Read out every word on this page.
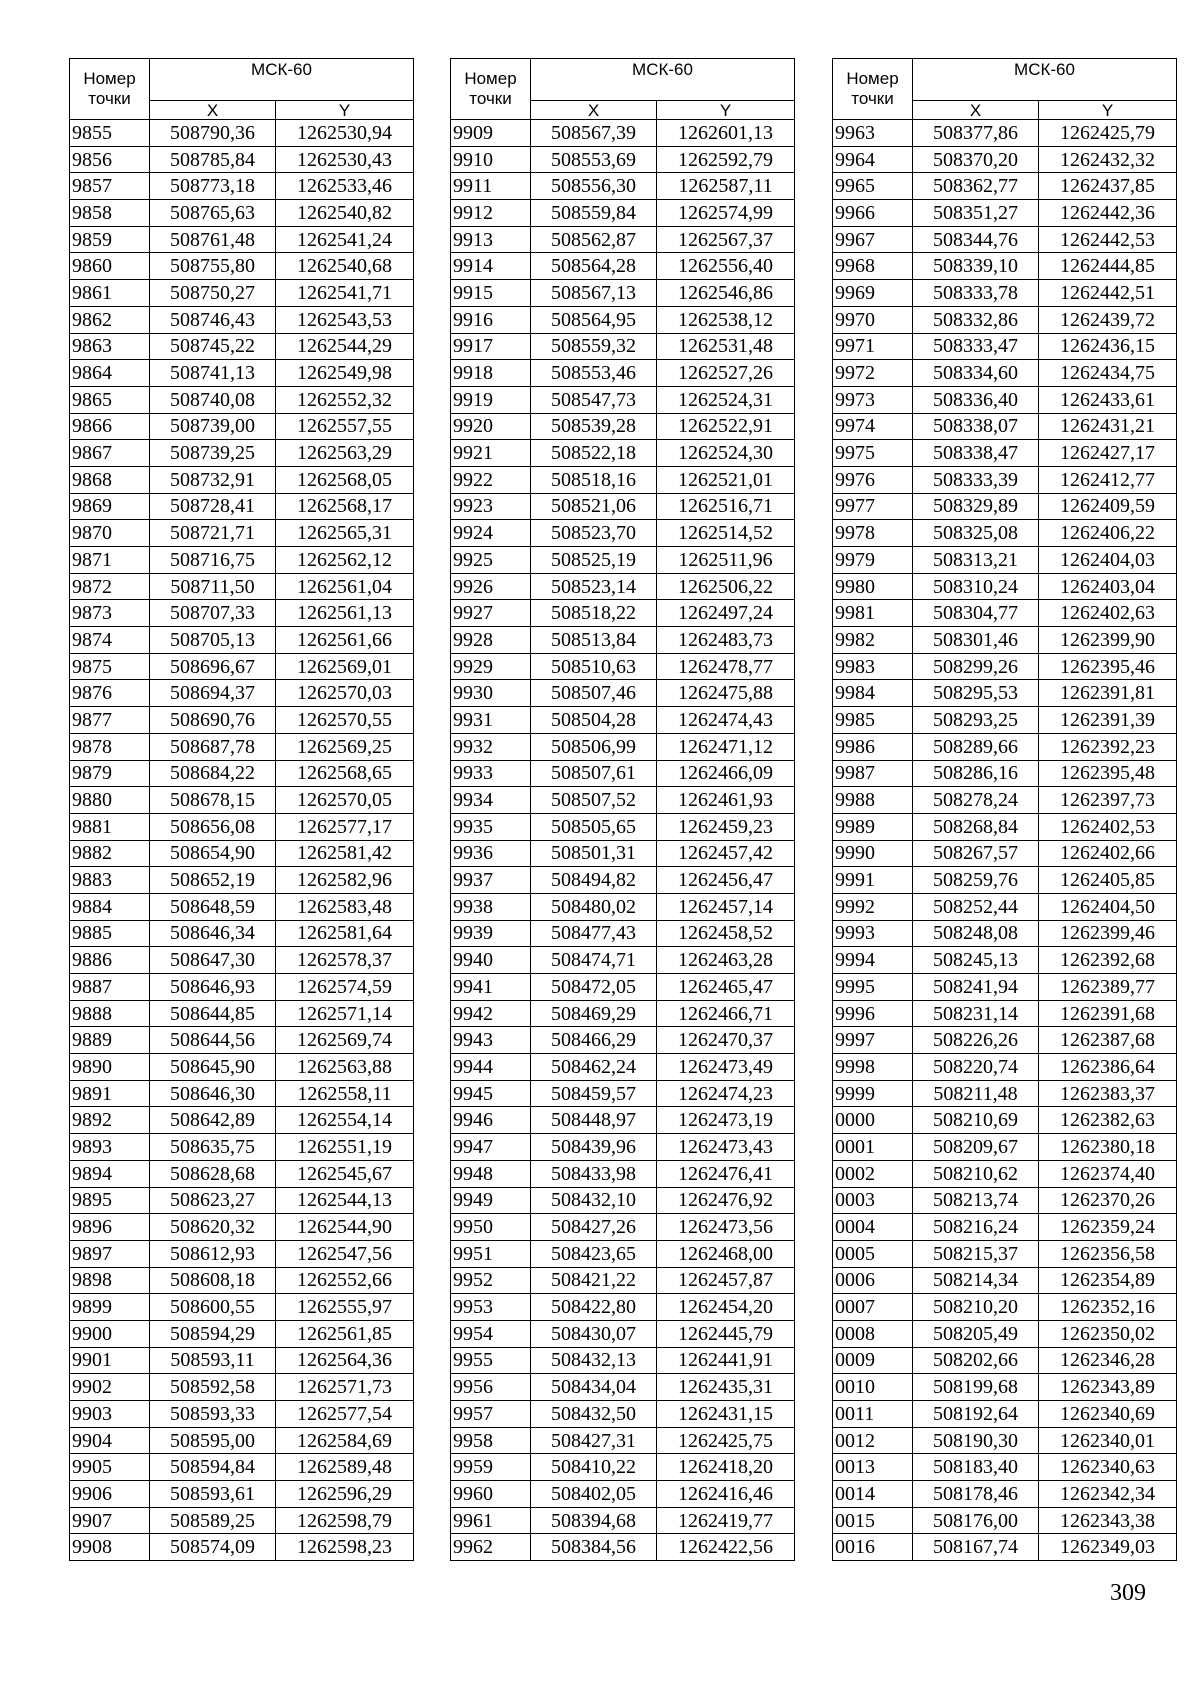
Номер точки	МСК-60	
	X	Y
9855	508790,36	1262530,94
9856	508785,84	1262530,43
9857	508773,18	1262533,46
9858	508765,63	1262540,82
9859	508761,48	1262541,24
9860	508755,80	1262540,68
9861	508750,27	1262541,71
9862	508746,43	1262543,53
9863	508745,22	1262544,29
9864	508741,13	1262549,98
9865	508740,08	1262552,32
9866	508739,00	1262557,55
9867	508739,25	1262563,29
9868	508732,91	1262568,05
9869	508728,41	1262568,17
9870	508721,71	1262565,31
9871	508716,75	1262562,12
9872	508711,50	1262561,04
9873	508707,33	1262561,13
9874	508705,13	1262561,66
9875	508696,67	1262569,01
9876	508694,37	1262570,03
9877	508690,76	1262570,55
9878	508687,78	1262569,25
9879	508684,22	1262568,65
9880	508678,15	1262570,05
9881	508656,08	1262577,17
9882	508654,90	1262581,42
9883	508652,19	1262582,96
9884	508648,59	1262583,48
9885	508646,34	1262581,64
9886	508647,30	1262578,37
9887	508646,93	1262574,59
9888	508644,85	1262571,14
9889	508644,56	1262569,74
9890	508645,90	1262563,88
9891	508646,30	1262558,11
9892	508642,89	1262554,14
9893	508635,75	1262551,19
9894	508628,68	1262545,67
9895	508623,27	1262544,13
9896	508620,32	1262544,90
9897	508612,93	1262547,56
9898	508608,18	1262552,66
9899	508600,55	1262555,97
9900	508594,29	1262561,85
9901	508593,11	1262564,36
9902	508592,58	1262571,73
9903	508593,33	1262577,54
9904	508595,00	1262584,69
9905	508594,84	1262589,48
9906	508593,61	1262596,29
9907	508589,25	1262598,79
9908	508574,09	1262598,23
Номер точки	МСК-60	
	X	Y
9909	508567,39	1262601,13
9910	508553,69	1262592,79
9911	508556,30	1262587,11
9912	508559,84	1262574,99
9913	508562,87	1262567,37
9914	508564,28	1262556,40
9915	508567,13	1262546,86
9916	508564,95	1262538,12
9917	508559,32	1262531,48
9918	508553,46	1262527,26
9919	508547,73	1262524,31
9920	508539,28	1262522,91
9921	508522,18	1262524,30
9922	508518,16	1262521,01
9923	508521,06	1262516,71
9924	508523,70	1262514,52
9925	508525,19	1262511,96
9926	508523,14	1262506,22
9927	508518,22	1262497,24
9928	508513,84	1262483,73
9929	508510,63	1262478,77
9930	508507,46	1262475,88
9931	508504,28	1262474,43
9932	508506,99	1262471,12
9933	508507,61	1262466,09
9934	508507,52	1262461,93
9935	508505,65	1262459,23
9936	508501,31	1262457,42
9937	508494,82	1262456,47
9938	508480,02	1262457,14
9939	508477,43	1262458,52
9940	508474,71	1262463,28
9941	508472,05	1262465,47
9942	508469,29	1262466,71
9943	508466,29	1262470,37
9944	508462,24	1262473,49
9945	508459,57	1262474,23
9946	508448,97	1262473,19
9947	508439,96	1262473,43
9948	508433,98	1262476,41
9949	508432,10	1262476,92
9950	508427,26	1262473,56
9951	508423,65	1262468,00
9952	508421,22	1262457,87
9953	508422,80	1262454,20
9954	508430,07	1262445,79
9955	508432,13	1262441,91
9956	508434,04	1262435,31
9957	508432,50	1262431,15
9958	508427,31	1262425,75
9959	508410,22	1262418,20
9960	508402,05	1262416,46
9961	508394,68	1262419,77
9962	508384,56	1262422,56
Номер точки	МСК-60	
	X	Y
9963	508377,86	1262425,79
9964	508370,20	1262432,32
9965	508362,77	1262437,85
9966	508351,27	1262442,36
9967	508344,76	1262442,53
9968	508339,10	1262444,85
9969	508333,78	1262442,51
9970	508332,86	1262439,72
9971	508333,47	1262436,15
9972	508334,60	1262434,75
9973	508336,40	1262433,61
9974	508338,07	1262431,21
9975	508338,47	1262427,17
9976	508333,39	1262412,77
9977	508329,89	1262409,59
9978	508325,08	1262406,22
9979	508313,21	1262404,03
9980	508310,24	1262403,04
9981	508304,77	1262402,63
9982	508301,46	1262399,90
9983	508299,26	1262395,46
9984	508295,53	1262391,81
9985	508293,25	1262391,39
9986	508289,66	1262392,23
9987	508286,16	1262395,48
9988	508278,24	1262397,73
9989	508268,84	1262402,53
9990	508267,57	1262402,66
9991	508259,76	1262405,85
9992	508252,44	1262404,50
9993	508248,08	1262399,46
9994	508245,13	1262392,68
9995	508241,94	1262389,77
9996	508231,14	1262391,68
9997	508226,26	1262387,68
9998	508220,74	1262386,64
9999	508211,48	1262383,37
0000	508210,69	1262382,63
0001	508209,67	1262380,18
0002	508210,62	1262374,40
0003	508213,74	1262370,26
0004	508216,24	1262359,24
0005	508215,37	1262356,58
0006	508214,34	1262354,89
0007	508210,20	1262352,16
0008	508205,49	1262350,02
0009	508202,66	1262346,28
0010	508199,68	1262343,89
0011	508192,64	1262340,69
0012	508190,30	1262340,01
0013	508183,40	1262340,63
0014	508178,46	1262342,34
0015	508176,00	1262343,38
0016	508167,74	1262349,03
309
